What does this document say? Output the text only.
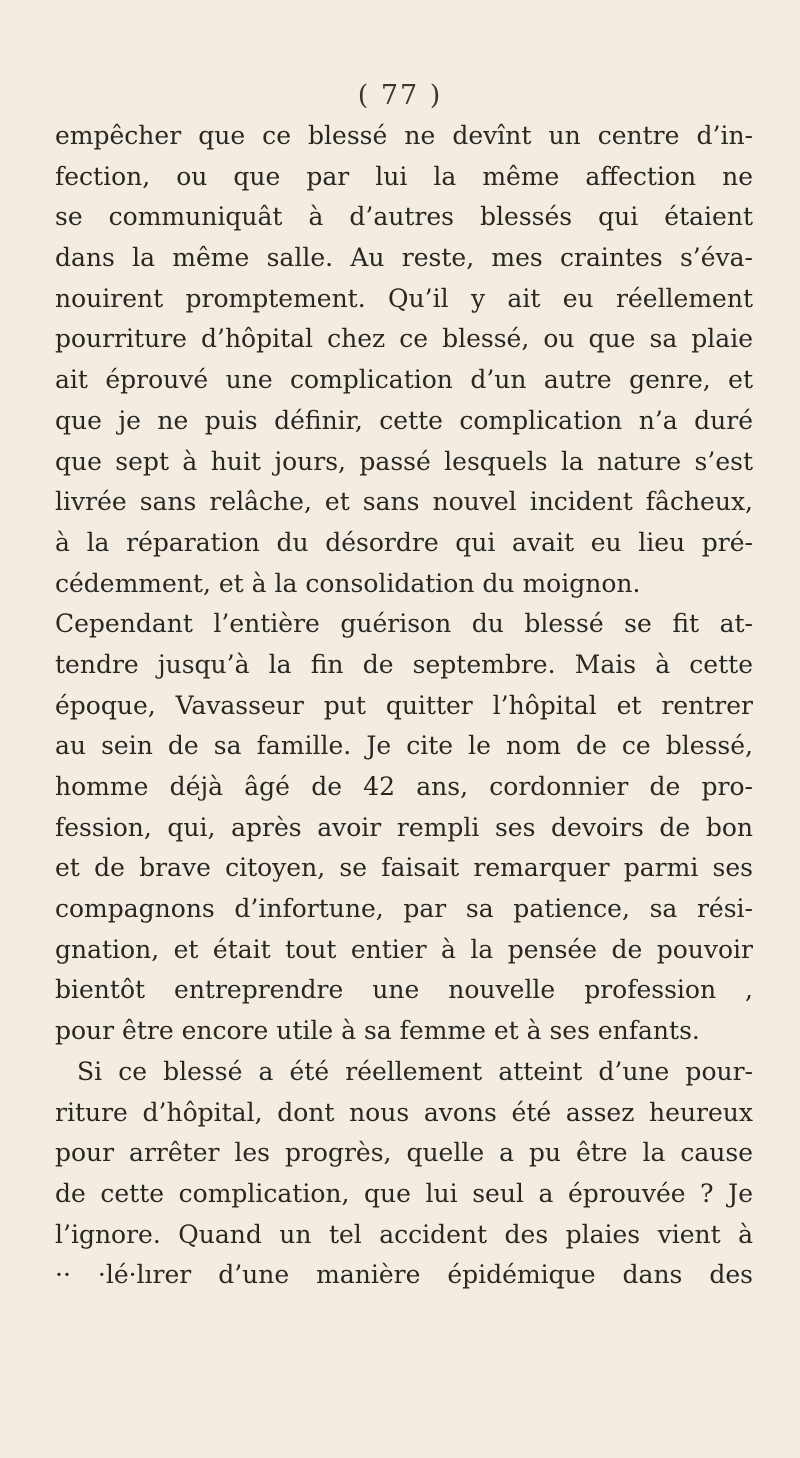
( 77 )
empêcher que ce blessé ne devînt un centre d’in-
fection, ou que par lui la même affection ne
se communiquât à d’autres blessés qui étaient
dans la même salle. Au reste, mes craintes s’éva-
nouirent promptement. Qu’il y ait eu réellement
pourriture d’hôpital chez ce blessé, ou que sa plaie
ait éprouvé une complication d’un autre genre, et
que je ne puis définir, cette complication n’a duré
que sept à huit jours, passé lesquels la nature s’est
livrée sans relâche, et sans nouvel incident fâcheux,
à la réparation du désordre qui avait eu lieu pré-
cédemment, et à la consolidation du moignon.
Cependant l’entière guérison du blessé se fit at-
tendre jusqu’à la fin de septembre. Mais à cette
époque, Vavasseur put quitter l’hôpital et rentrer
au sein de sa famille. Je cite le nom de ce blessé,
homme déjà âgé de 42 ans, cordonnier de pro-
fession, qui, après avoir rempli ses devoirs de bon
et de brave citoyen, se faisait remarquer parmi ses
compagnons d’infortune, par sa patience, sa rési-
gnation, et était tout entier à la pensée de pouvoir
bientôt entreprendre une nouvelle profession ,
pour être encore utile à sa femme et à ses enfants.
Si ce blessé a été réellement atteint d’une pour-
riture d’hôpital, dont nous avons été assez heureux
pour arrêter les progrès, quelle a pu être la cause
de cette complication, que lui seul a éprouvée ? Je
l’ignore. Quand un tel accident des plaies vient à
·· ·lé·lırer d’une manière épidémique dans des
